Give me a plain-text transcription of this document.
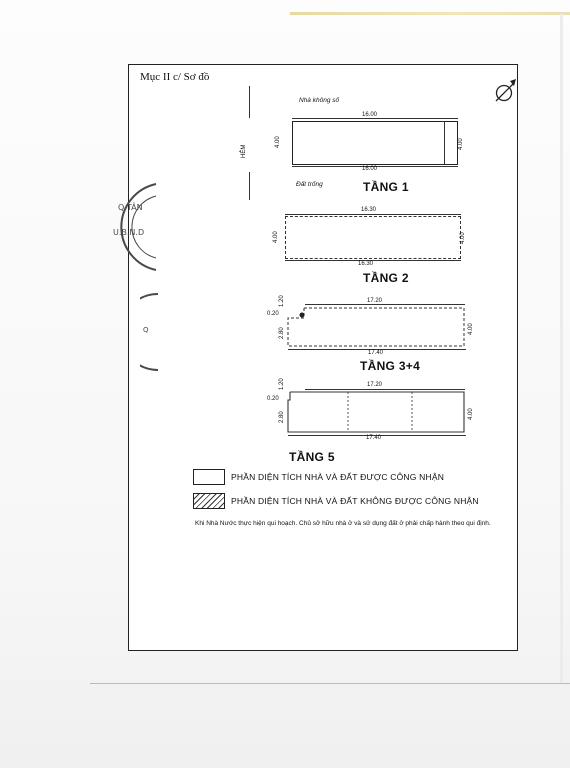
Mục II c/ Sơ đồ
Q.TÂN
U.B.N.D
Q
HẺM
Nhà không số
16.00
4.00	4.00
16.00
Đất trống	TẦNG 1
16.30
4.00	4.00
16.30
TẦNG 2
17.20
1.20
0.20
2.80	4.00
17.40
TẦNG 3+4
17.20
1.20
0.20
2.80	4.00
17.40
TẦNG 5
PHẦN DIỆN TÍCH NHÀ VÀ ĐẤT ĐƯỢC CÔNG NHẬN
PHẦN DIỆN TÍCH NHÀ VÀ ĐẤT KHÔNG ĐƯỢC CÔNG NHẬN
Khi Nhà Nước thực hiện qui hoạch. Chủ sở hữu nhà ở và sử dụng đất ở phải chấp hành theo qui định.
